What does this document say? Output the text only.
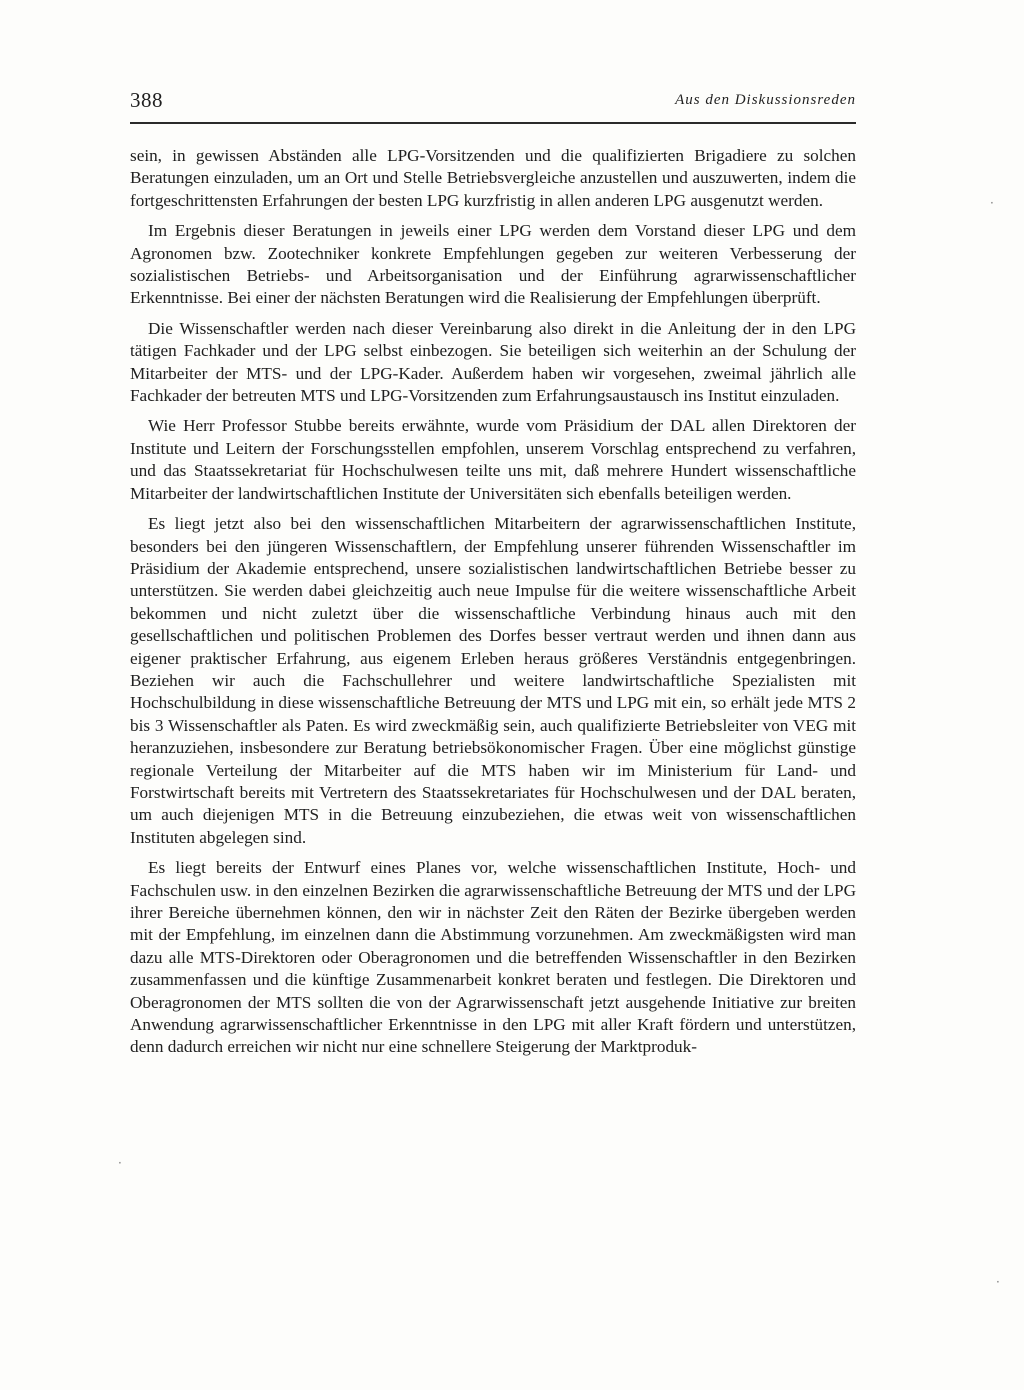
388	Aus den Diskussionsreden

sein, in gewissen Abständen alle LPG-Vorsitzenden und die qualifizierten Brigadiere zu solchen Beratungen einzuladen, um an Ort und Stelle Betriebsvergleiche anzustellen und auszuwerten, indem die fortgeschrittensten Erfahrungen der besten LPG kurzfristig in allen anderen LPG ausgenutzt werden.

Im Ergebnis dieser Beratungen in jeweils einer LPG werden dem Vorstand dieser LPG und dem Agronomen bzw. Zootechniker konkrete Empfehlungen gegeben zur weiteren Verbesserung der sozialistischen Betriebs- und Arbeitsorganisation und der Einführung agrarwissenschaftlicher Erkenntnisse. Bei einer der nächsten Beratungen wird die Realisierung der Empfehlungen überprüft.

Die Wissenschaftler werden nach dieser Vereinbarung also direkt in die Anleitung der in den LPG tätigen Fachkader und der LPG selbst einbezogen. Sie beteiligen sich weiterhin an der Schulung der Mitarbeiter der MTS- und der LPG-Kader. Außerdem haben wir vorgesehen, zweimal jährlich alle Fachkader der betreuten MTS und LPG-Vorsitzenden zum Erfahrungsaustausch ins Institut einzuladen.

Wie Herr Professor Stubbe bereits erwähnte, wurde vom Präsidium der DAL allen Direktoren der Institute und Leitern der Forschungsstellen empfohlen, unserem Vorschlag entsprechend zu verfahren, und das Staatssekretariat für Hochschulwesen teilte uns mit, daß mehrere Hundert wissenschaftliche Mitarbeiter der landwirtschaftlichen Institute der Universitäten sich ebenfalls beteiligen werden.

Es liegt jetzt also bei den wissenschaftlichen Mitarbeitern der agrarwissenschaftlichen Institute, besonders bei den jüngeren Wissenschaftlern, der Empfehlung unserer führenden Wissenschaftler im Präsidium der Akademie entsprechend, unsere sozialistischen landwirtschaftlichen Betriebe besser zu unterstützen. Sie werden dabei gleichzeitig auch neue Impulse für die weitere wissenschaftliche Arbeit bekommen und nicht zuletzt über die wissenschaftliche Verbindung hinaus auch mit den gesellschaftlichen und politischen Problemen des Dorfes besser vertraut werden und ihnen dann aus eigener praktischer Erfahrung, aus eigenem Erleben heraus größeres Verständnis entgegenbringen. Beziehen wir auch die Fachschullehrer und weitere landwirtschaftliche Spezialisten mit Hochschulbildung in diese wissenschaftliche Betreuung der MTS und LPG mit ein, so erhält jede MTS 2 bis 3 Wissenschaftler als Paten. Es wird zweckmäßig sein, auch qualifizierte Betriebsleiter von VEG mit heranzuziehen, insbesondere zur Beratung betriebsökonomischer Fragen. Über eine möglichst günstige regionale Verteilung der Mitarbeiter auf die MTS haben wir im Ministerium für Land- und Forstwirtschaft bereits mit Vertretern des Staatssekretariates für Hochschulwesen und der DAL beraten, um auch diejenigen MTS in die Betreuung einzubeziehen, die etwas weit von wissenschaftlichen Instituten abgelegen sind.

Es liegt bereits der Entwurf eines Planes vor, welche wissenschaftlichen Institute, Hoch- und Fachschulen usw. in den einzelnen Bezirken die agrarwissenschaftliche Betreuung der MTS und der LPG ihrer Bereiche übernehmen können, den wir in nächster Zeit den Räten der Bezirke übergeben werden mit der Empfehlung, im einzelnen dann die Abstimmung vorzunehmen. Am zweckmäßigsten wird man dazu alle MTS-Direktoren oder Oberagronomen und die betreffenden Wissenschaftler in den Bezirken zusammenfassen und die künftige Zusammenarbeit konkret beraten und festlegen. Die Direktoren und Oberagronomen der MTS sollten die von der Agrarwissenschaft jetzt ausgehende Initiative zur breiten Anwendung agrarwissenschaftlicher Erkenntnisse in den LPG mit aller Kraft fördern und unterstützen, denn dadurch erreichen wir nicht nur eine schnellere Steigerung der Marktproduk-

·
·
·
